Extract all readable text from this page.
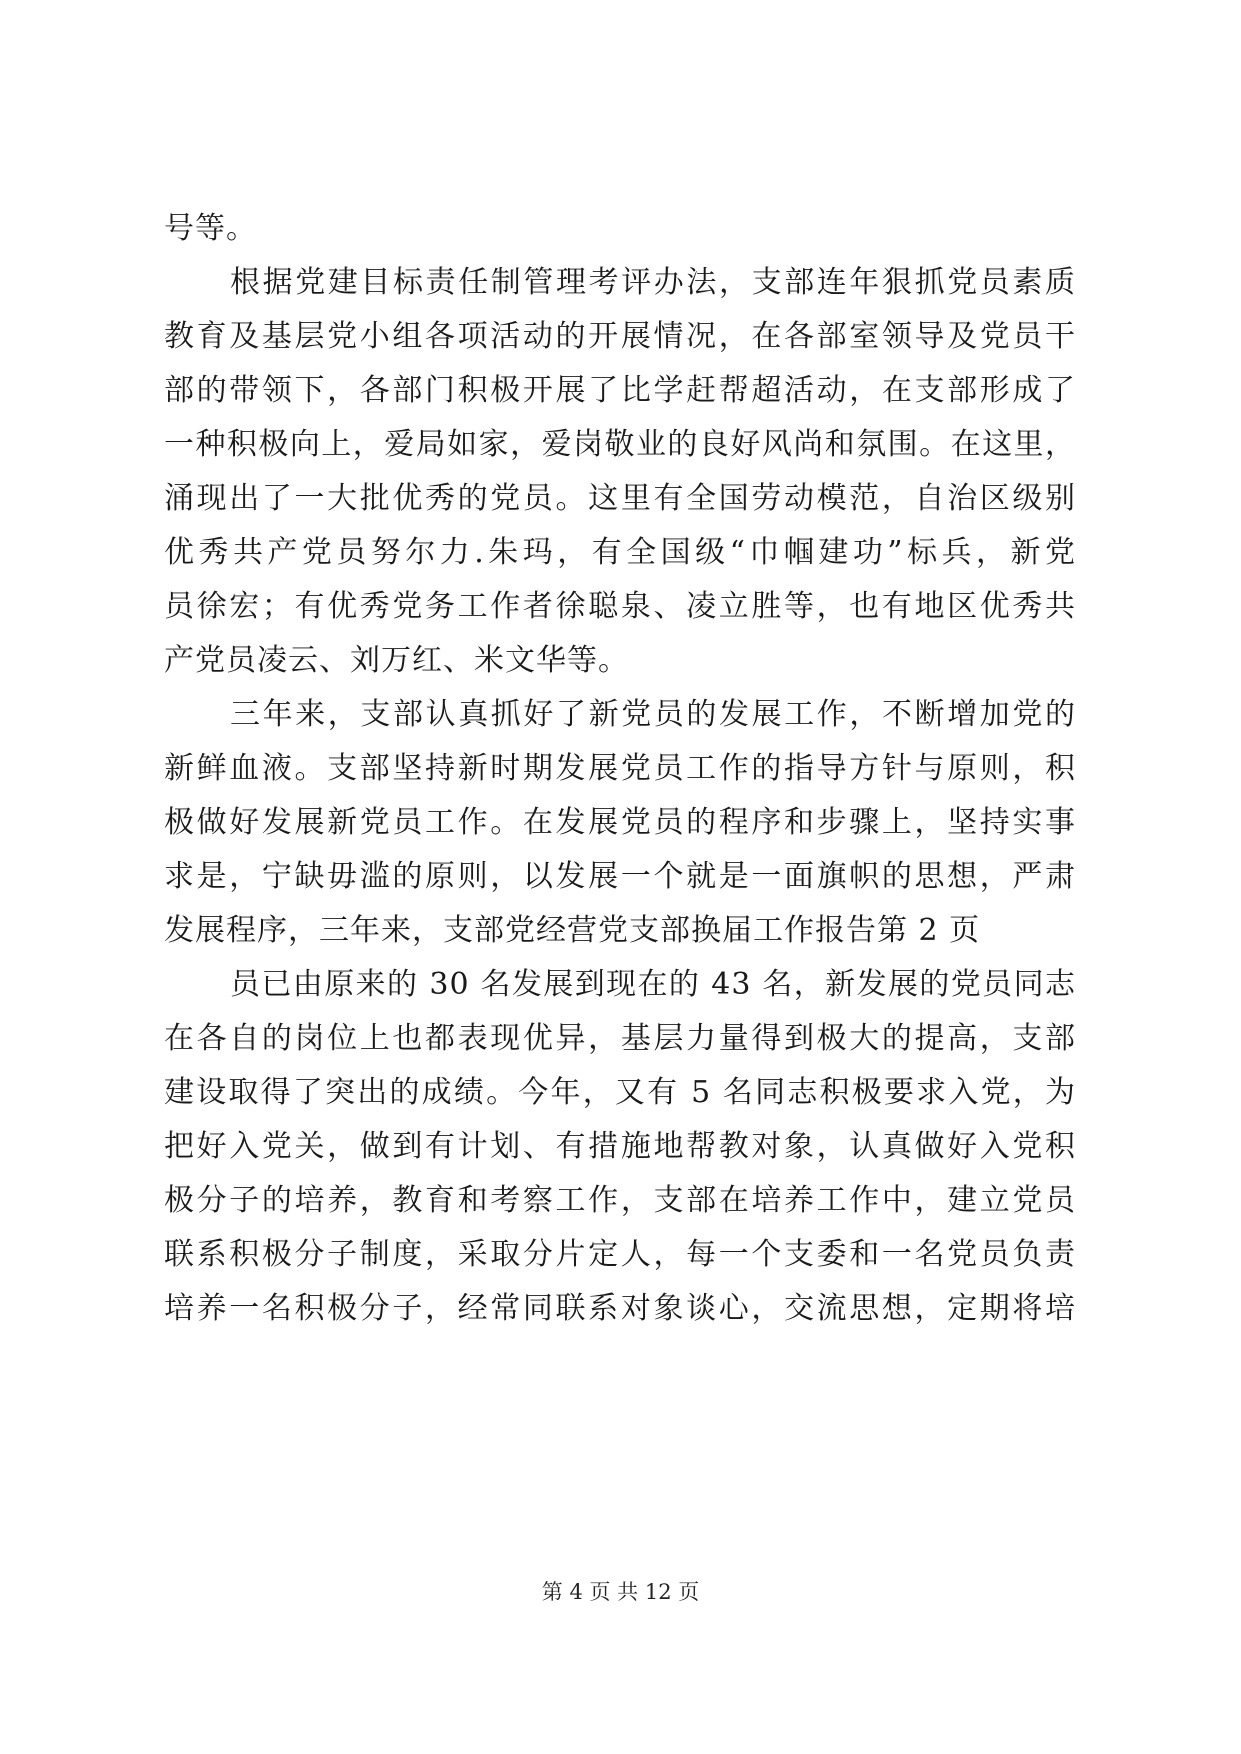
号等。
根据党建目标责任制管理考评办法，支部连年狠抓党员素质
教育及基层党小组各项活动的开展情况，在各部室领导及党员干
部的带领下，各部门积极开展了比学赶帮超活动，在支部形成了
一种积极向上，爱局如家，爱岗敬业的良好风尚和氛围。在这里，
涌现出了一大批优秀的党员。这里有全国劳动模范，自治区级别
优秀共产党员努尔力.朱玛，有全国级“巾帼建功”标兵，新党
员徐宏；有优秀党务工作者徐聪泉、凌立胜等，也有地区优秀共
产党员凌云、刘万红、米文华等。
三年来，支部认真抓好了新党员的发展工作，不断增加党的
新鲜血液。支部坚持新时期发展党员工作的指导方针与原则，积
极做好发展新党员工作。在发展党员的程序和步骤上，坚持实事
求是，宁缺毋滥的原则，以发展一个就是一面旗帜的思想，严肃
发展程序，三年来，支部党经营党支部换届工作报告第 2 页
员已由原来的 30 名发展到现在的 43 名，新发展的党员同志
在各自的岗位上也都表现优异，基层力量得到极大的提高，支部
建设取得了突出的成绩。今年，又有 5 名同志积极要求入党，为
把好入党关，做到有计划、有措施地帮教对象，认真做好入党积
极分子的培养，教育和考察工作，支部在培养工作中，建立党员
联系积极分子制度，采取分片定人，每一个支委和一名党员负责
培养一名积极分子，经常同联系对象谈心，交流思想，定期将培
第 4 页 共 12 页
